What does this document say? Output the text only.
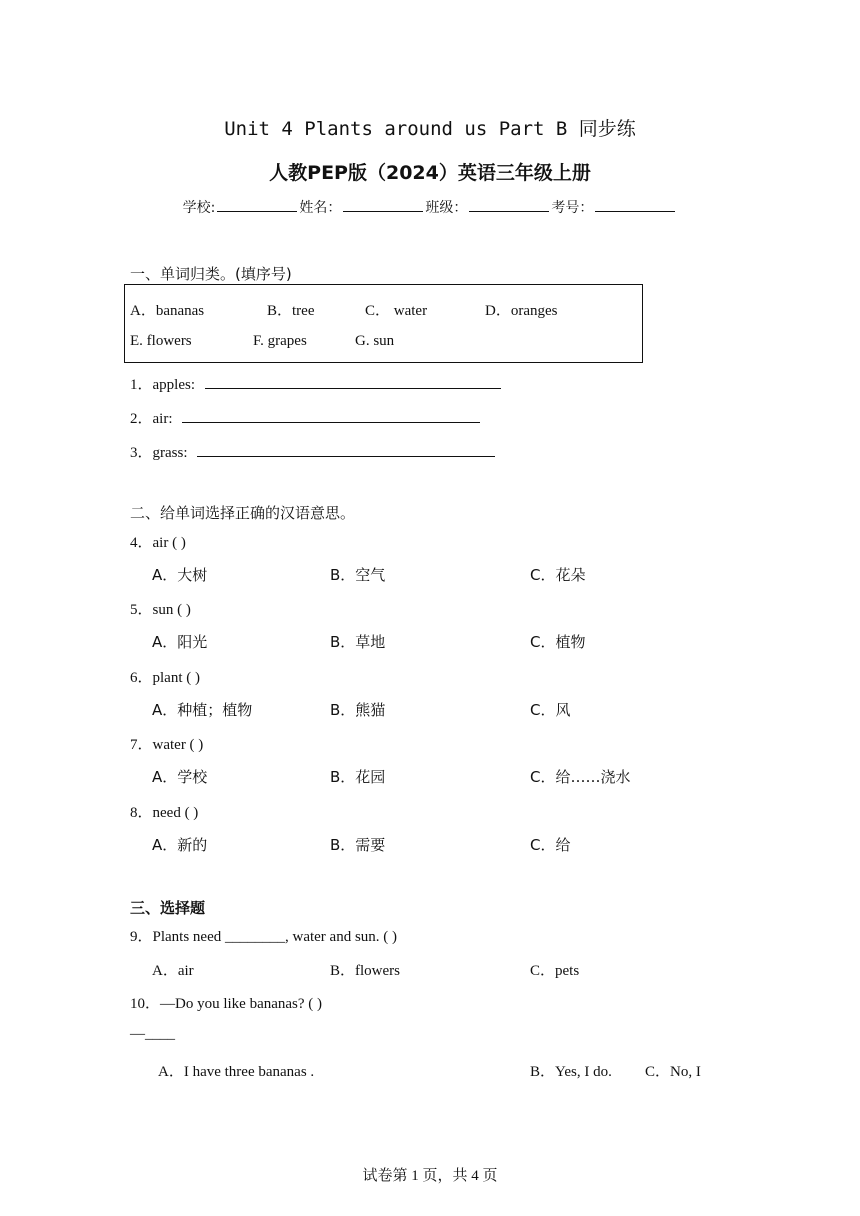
Unit 4 Plants around us Part B 同步练
人教PEP版（2024）英语三年级上册
学校:	姓名：	班级：	考号：
一、单词归类。(填序号)
A．bananas	B．tree	C． water	D．oranges
E. flowers	F. grapes	G. sun
1．apples:
2．air:
3．grass:
二、给单词选择正确的汉语意思。
4．air ( )
A．大树	B．空气	C．花朵
5．sun ( )
A．阳光	B．草地	C．植物
6．plant ( )
A．种植；植物	B．熊猫	C．风
7．water ( )
A．学校	B．花园	C．给……浇水
8．need ( )
A．新的	B．需要	C．给
三、选择题
9．Plants need ________, water and sun. ( )
A．air	B．flowers	C．pets
10．—Do you like bananas? ( )
—____
A．I have three bananas .	B．Yes, I do. C．No, I
试卷第 1 页，共 4 页
